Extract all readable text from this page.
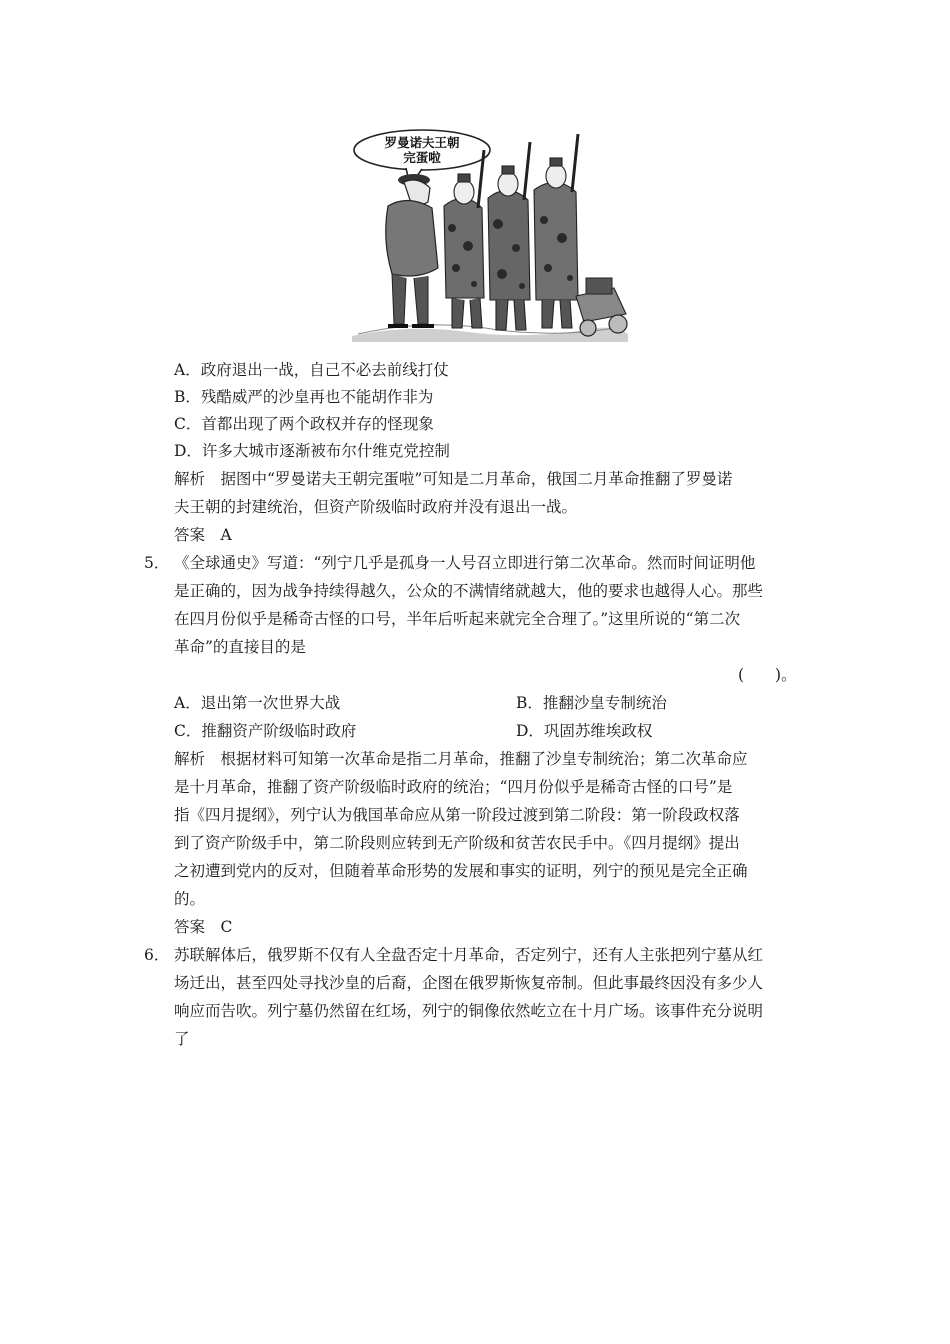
罗曼诺夫王朝
完蛋啦
A．政府退出一战，自己不必去前线打仗
B．残酷威严的沙皇再也不能胡作非为
C．首都出现了两个政权并存的怪现象
D．许多大城市逐渐被布尔什维克党控制
解析　据图中“罗曼诺夫王朝完蛋啦”可知是二月革命，俄国二月革命推翻了罗曼诺
夫王朝的封建统治，但资产阶级临时政府并没有退出一战。
答案　A
5． 《全球通史》写道：“列宁几乎是孤身一人号召立即进行第二次革命。然而时间证明他
是正确的，因为战争持续得越久，公众的不满情绪就越大，他的要求也越得人心。那些
在四月份似乎是稀奇古怪的口号，半年后听起来就完全合理了。”这里所说的“第二次
革命”的直接目的是
(　　)。
A．退出第一次世界大战	B．推翻沙皇专制统治
C．推翻资产阶级临时政府	D．巩固苏维埃政权
解析　根据材料可知第一次革命是指二月革命，推翻了沙皇专制统治；第二次革命应
是十月革命，推翻了资产阶级临时政府的统治；“四月份似乎是稀奇古怪的口号”是
指《四月提纲》，列宁认为俄国革命应从第一阶段过渡到第二阶段：第一阶段政权落
到了资产阶级手中，第二阶段则应转到无产阶级和贫苦农民手中。《四月提纲》提出
之初遭到党内的反对，但随着革命形势的发展和事实的证明，列宁的预见是完全正确
的。
答案　C
6． 苏联解体后，俄罗斯不仅有人全盘否定十月革命，否定列宁，还有人主张把列宁墓从红
场迁出，甚至四处寻找沙皇的后裔，企图在俄罗斯恢复帝制。但此事最终因没有多少人
响应而告吹。列宁墓仍然留在红场，列宁的铜像依然屹立在十月广场。该事件充分说明
了
